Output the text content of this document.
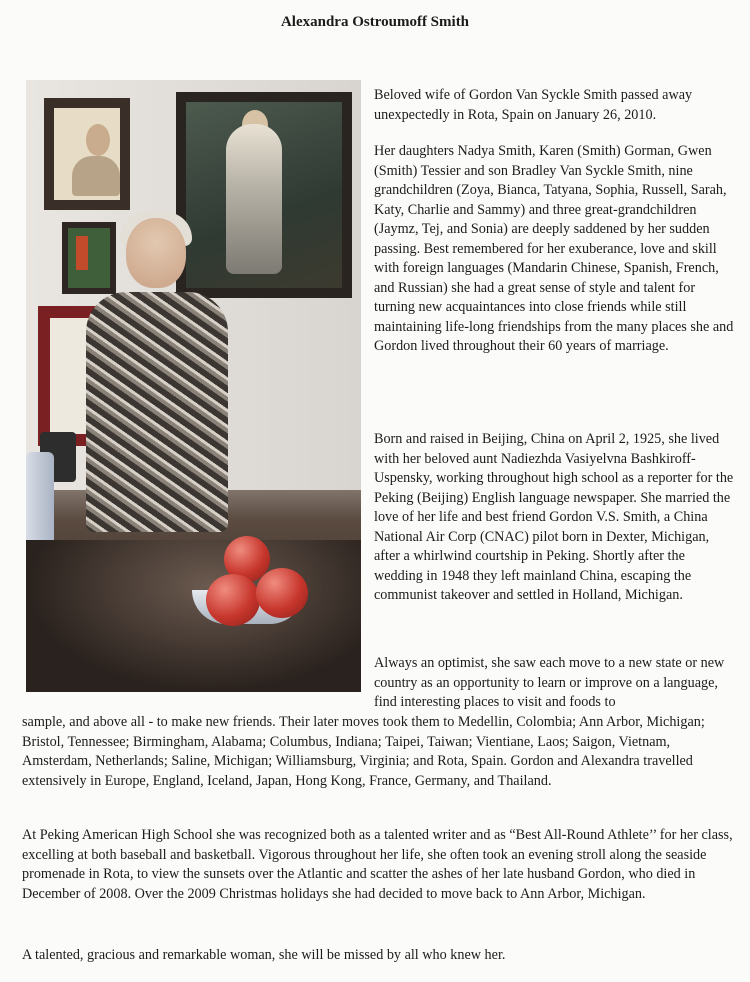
Alexandra Ostroumoff Smith

Beloved wife of Gordon Van Syckle Smith passed away unexpectedly in Rota, Spain on January 26, 2010.

Her daughters Nadya Smith, Karen (Smith) Gorman, Gwen (Smith) Tessier and son Bradley Van Syckle Smith, nine grandchildren (Zoya, Bianca, Tatyana, Sophia, Russell, Sarah, Katy, Charlie and Sammy) and three great-grandchildren (Jaymz, Tej, and Sonia) are deeply saddened by her sudden passing. Best remembered for her exuberance, love and skill with foreign languages (Mandarin Chinese, Spanish, French, and Russian) she had a great sense of style and talent for turning new acquaintances into close friends while still maintaining life-long friendships from the many places she and Gordon lived throughout their 60 years of marriage.

Born and raised in Beijing, China on April 2, 1925, she lived with her beloved aunt Nadiezhda Vasiyelvna Bashkiroff-Uspensky, working throughout high school as a reporter for the Peking (Beijing) English language newspaper. She married the love of her life and best friend Gordon V.S. Smith, a China National Air Corp (CNAC) pilot born in Dexter, Michigan, after a whirlwind courtship in Peking. Shortly after the wedding in 1948 they left mainland China, escaping the communist takeover and settled in Holland, Michigan.

Always an optimist, she saw each move to a new state or new country as an opportunity to learn or improve on a language, find interesting places to visit and foods to

sample, and above all - to make new friends. Their later moves took them to Medellin, Colombia; Ann Arbor, Michigan; Bristol, Tennessee; Birmingham, Alabama; Columbus, Indiana; Taipei, Taiwan; Vientiane, Laos; Saigon, Vietnam, Amsterdam, Netherlands; Saline, Michigan; Williamsburg, Virginia; and Rota, Spain. Gordon and Alexandra travelled extensively in Europe, England, Iceland, Japan, Hong Kong, France, Germany, and Thailand.

At Peking American High School she was recognized both as a talented writer and as “Best All-Round Athlete’’ for her class, excelling at both baseball and basketball. Vigorous throughout her life, she often took an evening stroll along the seaside promenade in Rota, to view the sunsets over the Atlantic and scatter the ashes of her late husband Gordon, who died in December of 2008. Over the 2009 Christmas holidays she had decided to move back to Ann Arbor, Michigan.

A talented, gracious and remarkable woman, she will be missed by all who knew her.
